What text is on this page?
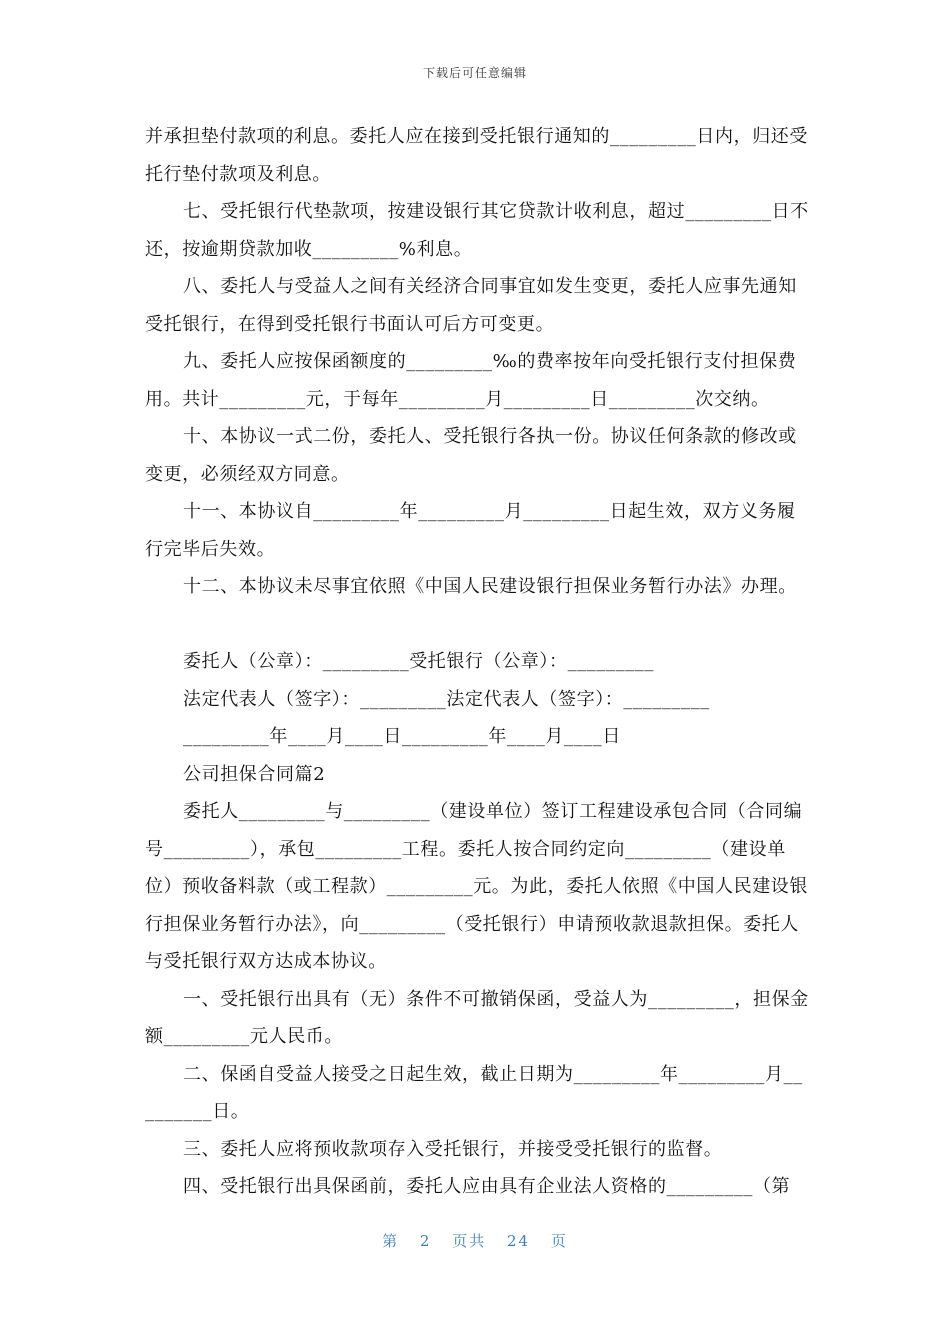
下载后可任意编辑

并承担垫付款项的利息。委托人应在接到受托银行通知的_________日内，归还受托行垫付款项及利息。

七、受托银行代垫款项，按建设银行其它贷款计收利息，超过_________日不还，按逾期贷款加收_________%利息。

八、委托人与受益人之间有关经济合同事宜如发生变更，委托人应事先通知受托银行，在得到受托银行书面认可后方可变更。

九、委托人应按保函额度的_________‰的费率按年向受托银行支付担保费用。共计_________元，于每年_________月_________日_________次交纳。

十、本协议一式二份，委托人、受托银行各执一份。协议任何条款的修改或变更，必须经双方同意。

十一、本协议自_________年_________月_________日起生效，双方义务履行完毕后失效。

十二、本协议未尽事宜依照《中国人民建设银行担保业务暂行办法》办理。

委托人（公章）：_________受托银行（公章）：_________

法定代表人（签字）：_________法定代表人（签字）：_________

_________年____月____日_________年____月____日

公司担保合同篇2

委托人_________与_________（建设单位）签订工程建设承包合同（合同编号_________），承包_________工程。委托人按合同约定向_________（建设单位）预收备料款（或工程款）_________元。为此，委托人依照《中国人民建设银行担保业务暂行办法》，向_________（受托银行）申请预收款退款担保。委托人与受托银行双方达成本协议。

一、受托银行出具有（无）条件不可撤销保函，受益人为_________，担保金额_________元人民币。

二、保函自受益人接受之日起生效，截止日期为_________年_________月_________日。

三、委托人应将预收款项存入受托银行，并接受受托银行的监督。

四、受托银行出具保函前，委托人应由具有企业法人资格的_________（第

第 2 页共 24 页
